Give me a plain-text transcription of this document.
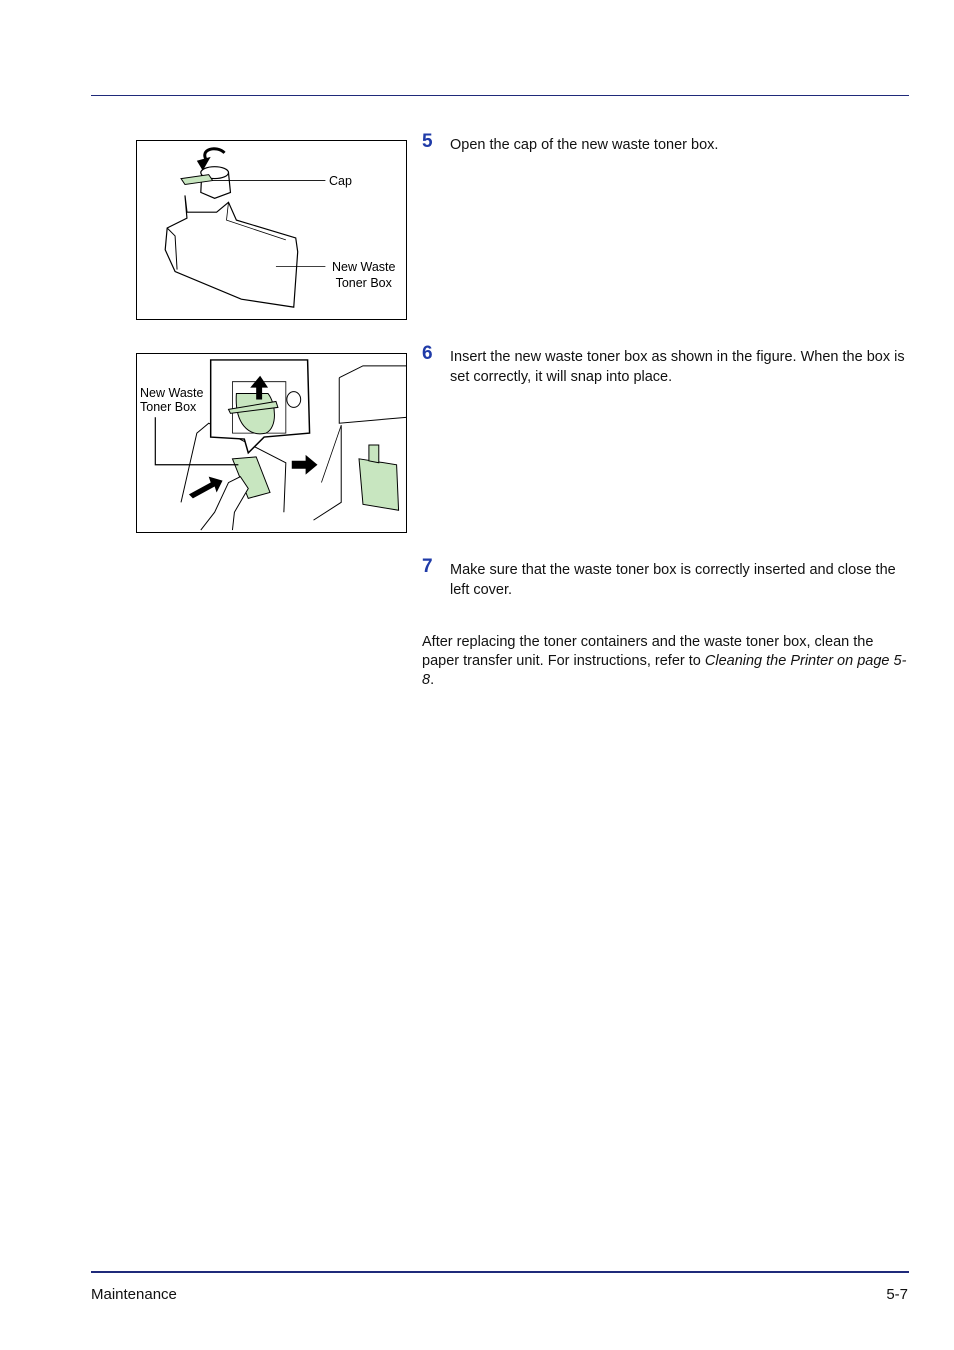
Cap
New Waste
Toner Box
New Waste
Toner Box
5 Open the cap of the new waste toner box.
6 Insert the new waste toner box as shown in the figure. When the box is set correctly, it will snap into place.
7 Make sure that the waste toner box is correctly inserted and close the left cover.
After replacing the toner containers and the waste toner box, clean the paper transfer unit. For instructions, refer to Cleaning the Printer on page 5-8.
Maintenance	5-7
